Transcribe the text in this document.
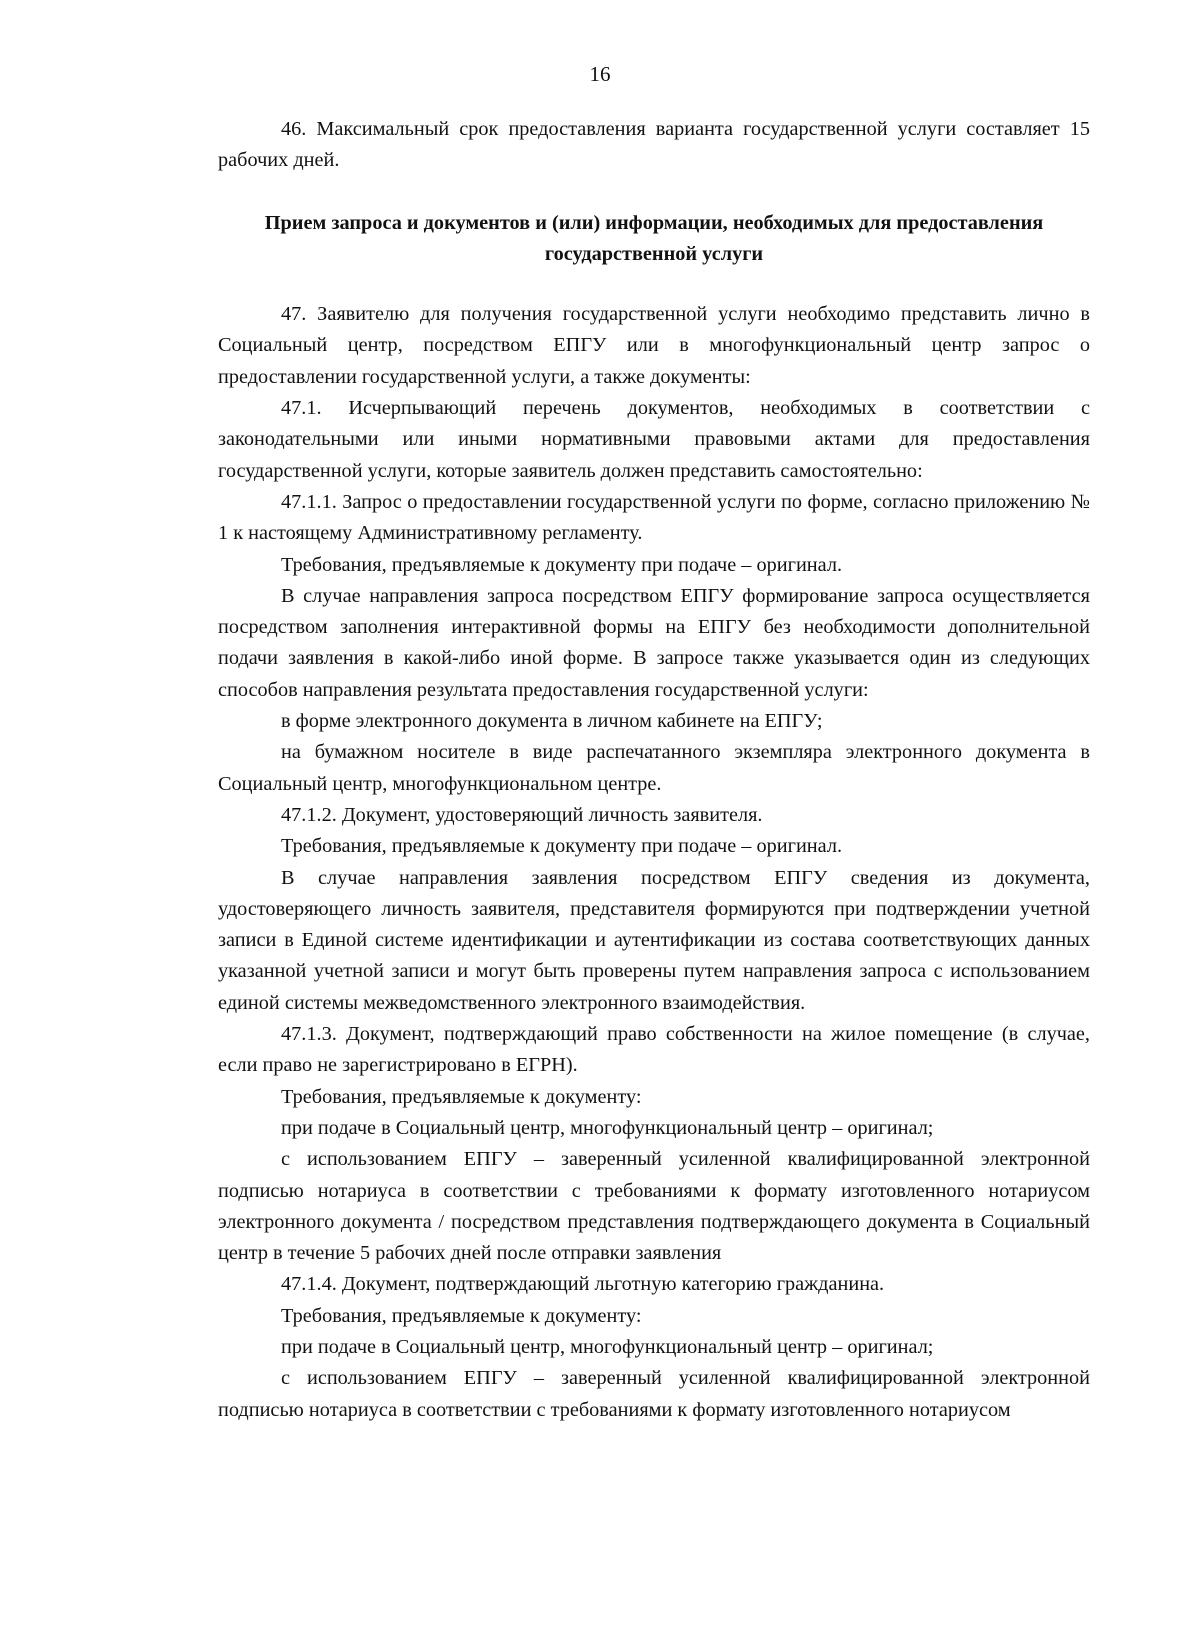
16

46. Максимальный срок предоставления варианта государственной услуги составляет 15 рабочих дней.

Прием запроса и документов и (или) информации, необходимых для предоставления государственной услуги

47. Заявителю для получения государственной услуги необходимо представить лично в Социальный центр, посредством ЕПГУ или в многофункциональный центр запрос о предоставлении государственной услуги, а также документы:

47.1. Исчерпывающий перечень документов, необходимых в соответствии с законодательными или иными нормативными правовыми актами для предоставления государственной услуги, которые заявитель должен представить самостоятельно:

47.1.1. Запрос о предоставлении государственной услуги по форме, согласно приложению № 1 к настоящему Административному регламенту.

Требования, предъявляемые к документу при подаче – оригинал.

В случае направления запроса посредством ЕПГУ формирование запроса осуществляется посредством заполнения интерактивной формы на ЕПГУ без необходимости дополнительной подачи заявления в какой-либо иной форме. В запросе также указывается один из следующих способов направления результата предоставления государственной услуги:

в форме электронного документа в личном кабинете на ЕПГУ;

на бумажном носителе в виде распечатанного экземпляра электронного документа в Социальный центр, многофункциональном центре.

47.1.2. Документ, удостоверяющий личность заявителя.

Требования, предъявляемые к документу при подаче – оригинал.

В случае направления заявления посредством ЕПГУ сведения из документа, удостоверяющего личность заявителя, представителя формируются при подтверждении учетной записи в Единой системе идентификации и аутентификации из состава соответствующих данных указанной учетной записи и могут быть проверены путем направления запроса с использованием единой системы межведомственного электронного взаимодействия.

47.1.3. Документ, подтверждающий право собственности на жилое помещение (в случае, если право не зарегистрировано в ЕГРН).

Требования, предъявляемые к документу:

при подаче в Социальный центр, многофункциональный центр – оригинал;

с использованием ЕПГУ – заверенный усиленной квалифицированной электронной подписью нотариуса в соответствии с требованиями к формату изготовленного нотариусом электронного документа / посредством представления подтверждающего документа в Социальный центр в течение 5 рабочих дней после отправки заявления

47.1.4. Документ, подтверждающий льготную категорию гражданина.

Требования, предъявляемые к документу:

при подаче в Социальный центр, многофункциональный центр – оригинал;

с использованием ЕПГУ – заверенный усиленной квалифицированной электронной подписью нотариуса в соответствии с требованиями к формату изготовленного нотариусом
